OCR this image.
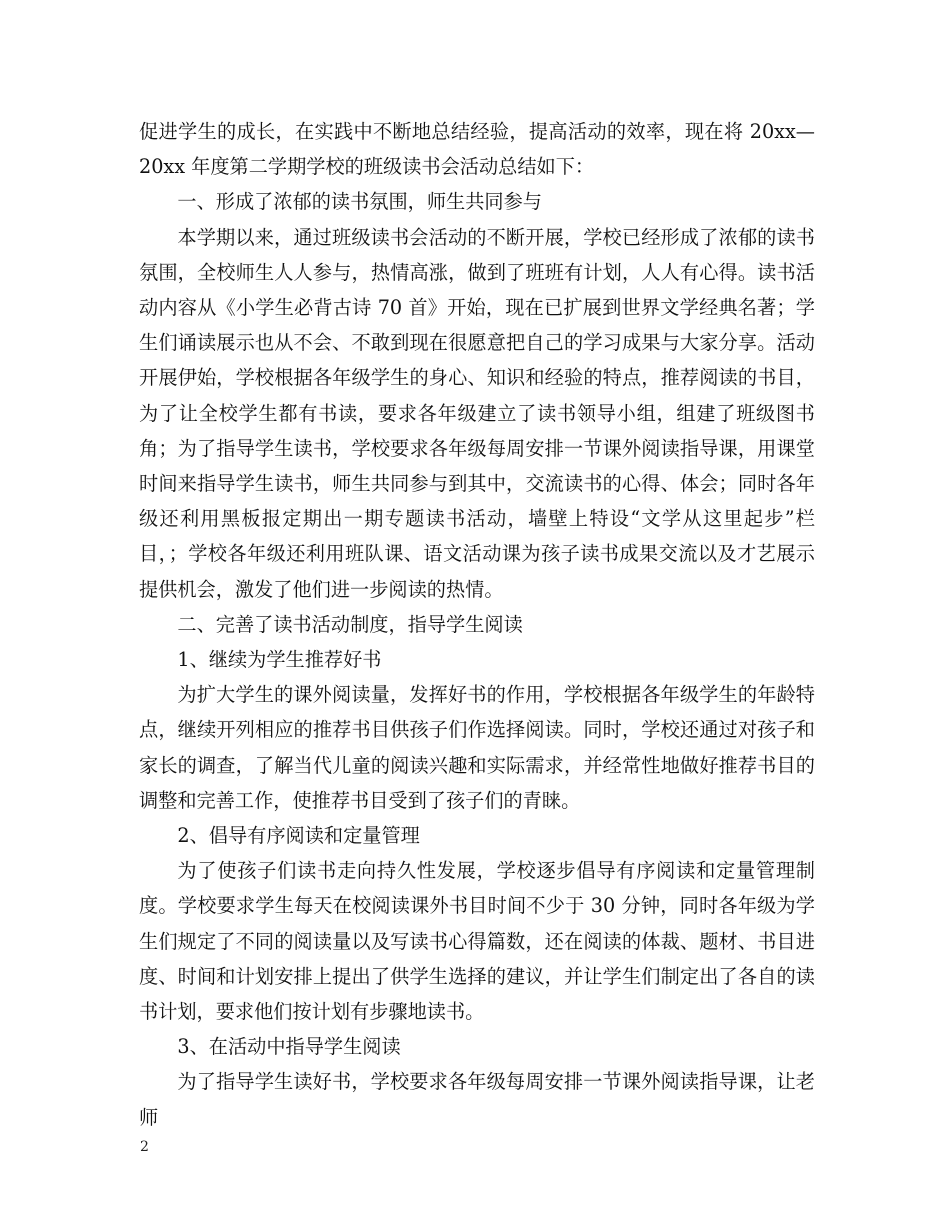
促进学生的成长，在实践中不断地总结经验，提高活动的效率，现在将 20xx—20xx 年度第二学期学校的班级读书会活动总结如下：

一、形成了浓郁的读书氛围，师生共同参与

本学期以来，通过班级读书会活动的不断开展，学校已经形成了浓郁的读书氛围，全校师生人人参与，热情高涨，做到了班班有计划，人人有心得。读书活动内容从《小学生必背古诗 70 首》开始，现在已扩展到世界文学经典名著；学生们诵读展示也从不会、不敢到现在很愿意把自己的学习成果与大家分享。活动开展伊始，学校根据各年级学生的身心、知识和经验的特点，推荐阅读的书目，为了让全校学生都有书读，要求各年级建立了读书领导小组，组建了班级图书角；为了指导学生读书，学校要求各年级每周安排一节课外阅读指导课，用课堂时间来指导学生读书，师生共同参与到其中，交流读书的心得、体会；同时各年级还利用黑板报定期出一期专题读书活动，墙壁上特设“文学从这里起步”栏目，；学校各年级还利用班队课、语文活动课为孩子读书成果交流以及才艺展示提供机会，激发了他们进一步阅读的热情。

二、完善了读书活动制度，指导学生阅读

1、继续为学生推荐好书

为扩大学生的课外阅读量，发挥好书的作用，学校根据各年级学生的年龄特点，继续开列相应的推荐书目供孩子们作选择阅读。同时，学校还通过对孩子和家长的调查，了解当代儿童的阅读兴趣和实际需求，并经常性地做好推荐书目的调整和完善工作，使推荐书目受到了孩子们的青睐。

2、倡导有序阅读和定量管理

为了使孩子们读书走向持久性发展，学校逐步倡导有序阅读和定量管理制度。学校要求学生每天在校阅读课外书目时间不少于 30 分钟，同时各年级为学生们规定了不同的阅读量以及写读书心得篇数，还在阅读的体裁、题材、书目进度、时间和计划安排上提出了供学生选择的建议，并让学生们制定出了各自的读书计划，要求他们按计划有步骤地读书。

3、在活动中指导学生阅读

为了指导学生读好书，学校要求各年级每周安排一节课外阅读指导课，让老师

2
